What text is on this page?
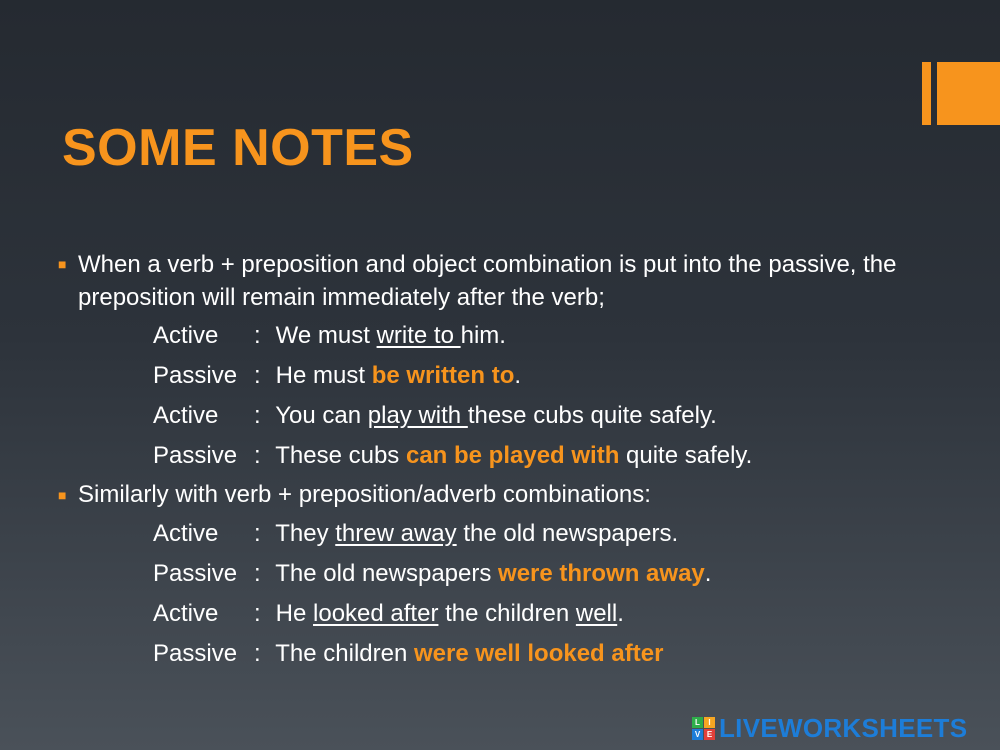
SOME NOTES
■ When a verb + preposition and object combination is put into the passive, the preposition will remain immediately after the verb;
Active : We must write to him.
Passive : He must be written to.
Active : You can play with these cubs quite safely.
Passive : These cubs can be played with quite safely.
■ Similarly with verb + preposition/adverb combinations:
Active : They threw away the old newspapers.
Passive : The old newspapers were thrown away.
Active : He looked after the children well.
Passive : The children were well looked after
L	I
V E LIVEWORKSHEETS
